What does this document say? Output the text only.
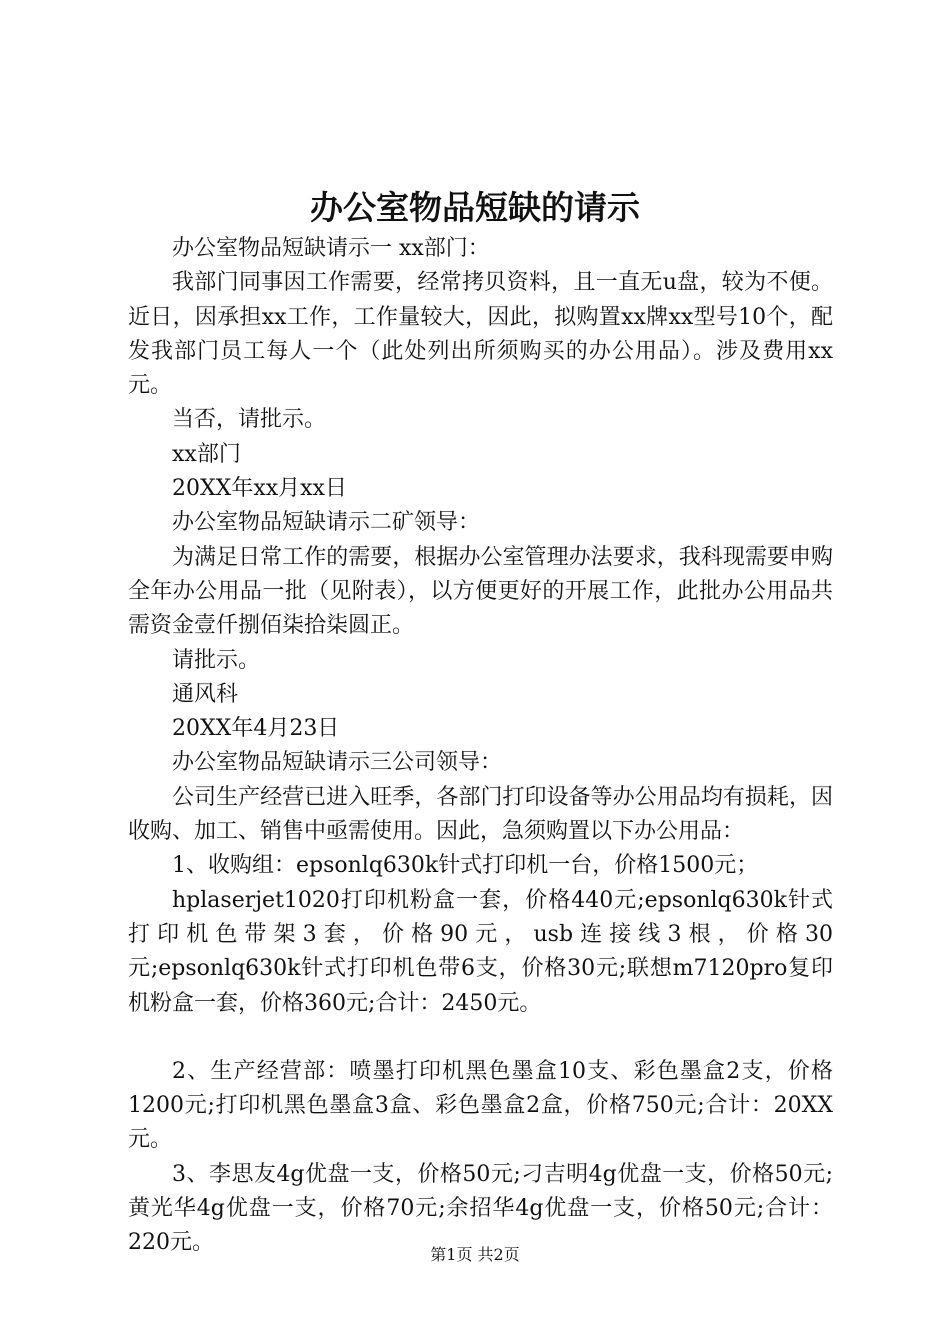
办公室物品短缺的请示

办公室物品短缺请示一 xx部门：

我部门同事因工作需要，经常拷贝资料，且一直无u盘，较为不便。近日，因承担xx工作，工作量较大，因此，拟购置xx牌xx型号10个，配发我部门员工每人一个（此处列出所须购买的办公用品）。涉及费用xx元。

当否，请批示。

xx部门

20XX年xx月xx日

办公室物品短缺请示二矿领导：

为满足日常工作的需要，根据办公室管理办法要求，我科现需要申购全年办公用品一批（见附表），以方便更好的开展工作，此批办公用品共需资金壹仟捌佰柒拾柒圆正。

请批示。

通风科

20XX年4月23日

办公室物品短缺请示三公司领导：

公司生产经营已进入旺季，各部门打印设备等办公用品均有损耗，因收购、加工、销售中亟需使用。因此，急须购置以下办公用品：

1、收购组：epsonlq630k针式打印机一台，价格1500元；

hplaserjet1020打印机粉盒一套，价格440元;epsonlq630k针式打印机色带架3套，价格90元，usb连接线3根，价格30元;epsonlq630k针式打印机色带6支，价格30元;联想m7120pro复印机粉盒一套，价格360元;合计：2450元。

2、生产经营部：喷墨打印机黑色墨盒10支、彩色墨盒2支，价格1200元;打印机黑色墨盒3盒、彩色墨盒2盒，价格750元;合计：20XX元。

3、李思友4g优盘一支，价格50元;刁吉明4g优盘一支，价格50元;黄光华4g优盘一支，价格70元;余招华4g优盘一支，价格50元;合计：220元。	第1页 共2页
